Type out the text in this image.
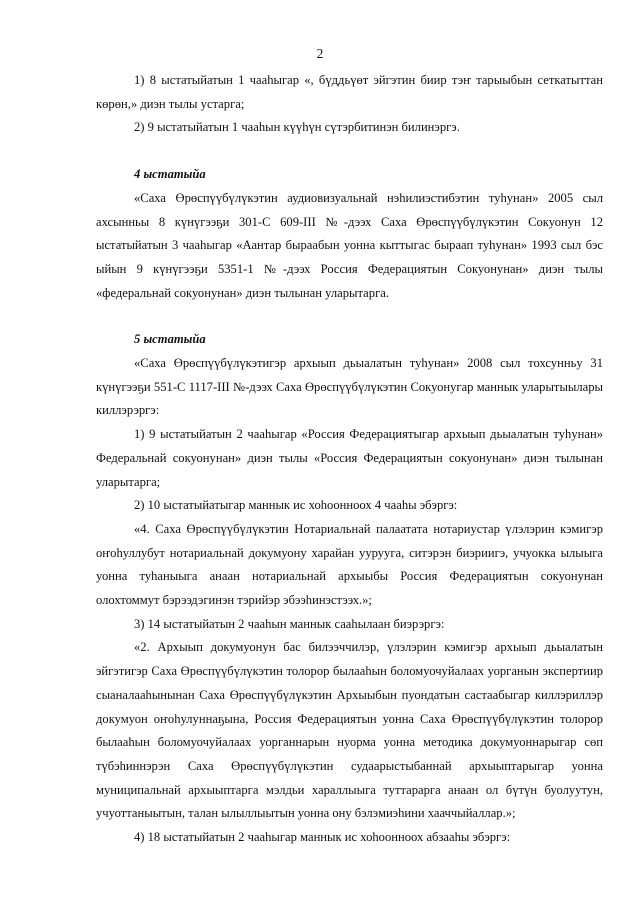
2

1) 8 ыстатыйатын 1 чааһыгар «, бүддьүөт эйгэтин биир тэҥ тарыыбын сеткатыттан көрөн,» диэн тылы устарга;

2) 9 ыстатыйатын 1 чааһын күүһүн сүтэрбитинэн билинэргэ.

4 ыстатыйа

«Саха Өрөспүүбүлүкэтин аудиовизуальнай нэһилиэстибэтин туһунан» 2005 сыл ахсынньы 8 күнүгээҕи 301-С 609-III №-дээх Саха Өрөспүүбүлүкэтин Сокуонун 12 ыстатыйатын 3 чааһыгар «Аантар быраабын уонна кыттыгас быраап туһунан» 1993 сыл бэс ыйын 9 күнүгээҕи 5351-1 №-дээх Россия Федерациятын Сокуонунан» диэн тылы «федеральнай сокуонунан» диэн тылынан уларытарга.

5 ыстатыйа

«Саха Өрөспүүбүлүкэтигэр архыып дьыалатын туһунан» 2008 сыл тохсунньу 31 күнүгээҕи 551-С 1117-III №-дээх Саха Өрөспүүбүлүкэтин Сокуонугар маннык уларытыылары киллэрэргэ:

1) 9 ыстатыйатын 2 чааһыгар «Россия Федерациятыгар архыып дьыалатын туһунан» Федеральнай сокуонунан» диэн тылы «Россия Федерациятын сокуонунан» диэн тылынан уларытарга;

2) 10 ыстатыйатыгар маннык ис хоһоонноох 4 чааһы эбэргэ:

«4. Саха Өрөспүүбүлүкэтин Нотариальнай палаатата нотариустар үлэлэрин кэмигэр оҥоһуллубут нотариальнай докумуону харайан уурууга, ситэрэн биэриигэ, учуокка ылыыга уонна туһаныыга анаан нотариальнай архыыбы Россия Федерациятын сокуонунан олохтоммут бэрээдэгинэн тэрийэр эбээһинэстээх.»;

3) 14 ыстатыйатын 2 чааһын маннык сааһылаан биэрэргэ:

«2. Архыып докумуонун бас билээччилэр, үлэлэрин кэмигэр архыып дьыалатын эйгэтигэр Саха Өрөспүүбүлүкэтин толорор былааһын боломуочуйалаах уорганын экспертиир сыаналааһынынан Саха Өрөспүүбүлүкэтин Архыыбын пуондатын састаабыгар киллэриллэр докумуон оҥоһулуннаҕына, Россия Федерациятын уонна Саха Өрөспүүбүлүкэтин толорор былааһын боломуочуйалаах уорганнарын нуорма уонна методика докумуоннарыгар сөп түбэһиннэрэн Саха Өрөспүүбүлүкэтин судаарыстыбаннай архыыптарыгар уонна муниципальнай архыыптарга мэлдьи хараллыыга туттарарга анаан ол бүтүн буолуутун, учуоттаныытын, талан ылыллыытын уонна ону бэлэмиэһини хааччыйаллар.»;

4) 18 ыстатыйатын 2 чааһыгар маннык ис хоһоонноох абзааһы эбэргэ:
